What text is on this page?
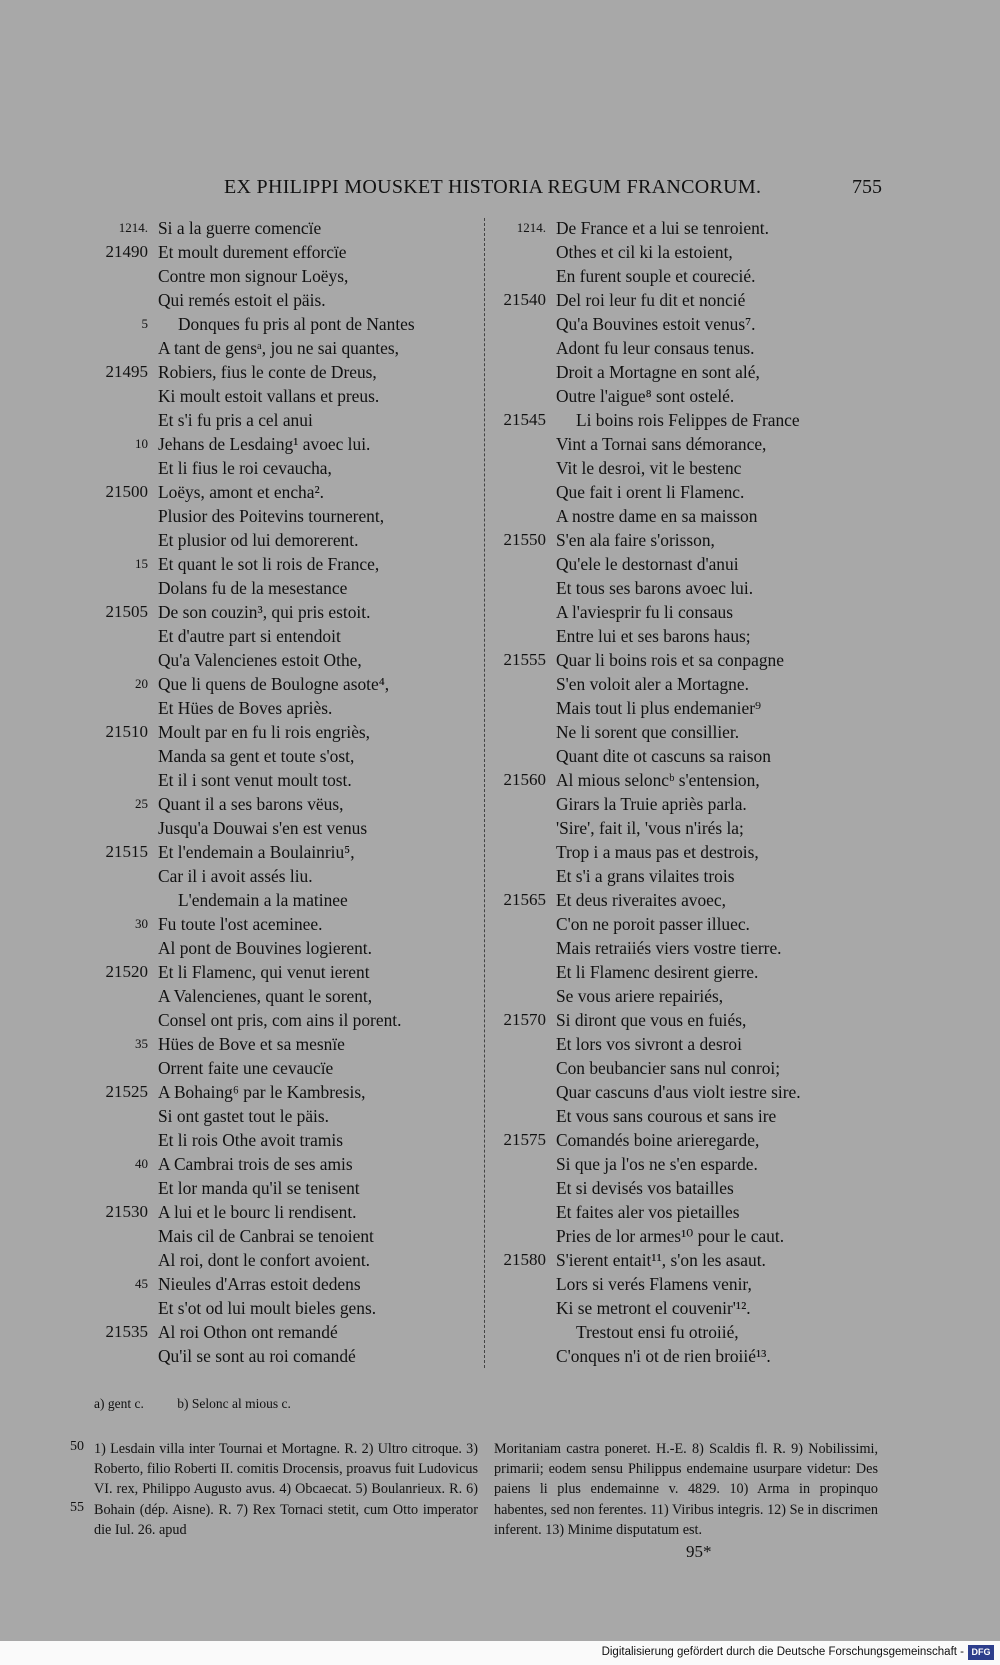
EX PHILIPPI MOUSKET HISTORIA REGUM FRANCORUM.	755
1214. Si a la guerre comencïe
21490 Et moult durement efforcïe
Contre mon signour Loëys,
Qui remés estoit el päis.
5	Donques fu pris al pont de Nantes
A tant de gensᵃ, jou ne sai quantes,
21495 Robiers, fius le conte de Dreus,
Ki moult estoit vallans et preus.
Et s'i fu pris a cel anui
10 Jehans de Lesdaing¹ avoec lui.
Et li fius le roi cevaucha,
21500 Loëys, amont et encha².
Plusior des Poitevins tournerent,
Et plusior od lui demorerent.
15 Et quant le sot li rois de France,
Dolans fu de la mesestance
21505 De son couzin³, qui pris estoit.
Et d'autre part si entendoit
Qu'a Valencienes estoit Othe,
20 Que li quens de Boulogne asote⁴,
Et Hües de Boves apriès.
21510 Moult par en fu li rois engriès,
Manda sa gent et toute s'ost,
Et il i sont venut moult tost.
25 Quant il a ses barons vëus,
Jusqu'a Douwai s'en est venus
21515 Et l'endemain a Boulainriu⁵,
Car il i avoit assés liu.
L'endemain a la matinee
30 Fu toute l'ost aceminee.
Al pont de Bouvines logierent.
21520 Et li Flamenc, qui venut ierent
A Valencienes, quant le sorent,
Consel ont pris, com ains il porent.
35 Hües de Bove et sa mesnïe
Orrent faite une cevaucïe
21525 A Bohaing⁶ par le Kambresis,
Si ont gastet tout le päis.
Et li rois Othe avoit tramis
40 A Cambrai trois de ses amis
Et lor manda qu'il se tenisent
21530 A lui et le bourc li rendisent.
Mais cil de Canbrai se tenoient
Al roi, dont le confort avoient.
45 Nieules d'Arras estoit dedens
Et s'ot od lui moult bieles gens.
21535 Al roi Othon ont remandé
Qu'il se sont au roi comandé
1214. De France et a lui se tenroient.
Othes et cil ki la estoient,
En furent souple et courecié.
21540 Del roi leur fu dit et noncié
Qu'a Bouvines estoit venus⁷.
Adont fu leur consaus tenus.
Droit a Mortagne en sont alé,
Outre l'aigue⁸ sont ostelé.
21545	Li boins rois Felippes de France
Vint a Tornai sans démorance,
Vit le desroi, vit le bestenc
Que fait i orent li Flamenc.
A nostre dame en sa maisson
21550 S'en ala faire s'orisson,
Qu'ele le destornast d'anui
Et tous ses barons avoec lui.
A l'aviesprir fu li consaus
Entre lui et ses barons haus;
21555 Quar li boins rois et sa conpagne
S'en voloit aler a Mortagne.
Mais tout li plus endemanier⁹
Ne li sorent que consillier.
Quant dite ot cascuns sa raison
21560 Al mious seloncᵇ s'entension,
Girars la Truie apriès parla.
'Sire', fait il, 'vous n'irés la;
Trop i a maus pas et destrois,
Et s'i a grans vilaites trois
21565 Et deus riveraites avoec,
C'on ne poroit passer illuec.
Mais retraiiés viers vostre tierre.
Et li Flamenc desirent gierre.
Se vous ariere repairiés,
21570 Si diront que vous en fuiés,
Et lors vos sivront a desroi
Con beubancier sans nul conroi;
Quar cascuns d'aus violt iestre sire.
Et vous sans courous et sans ire
21575 Comandés boine arieregarde,
Si que ja l'os ne s'en esparde.
Et si devisés vos batailles
Et faites aler vos pietailles
Pries de lor armes¹⁰ pour le caut.
21580 S'ierent entait¹¹, s'on les asaut.
Lors si verés Flamens venir,
Ki se metront el couvenir'¹².
Trestout ensi fu otroiié,
C'onques n'i ot de rien broiié¹³.
a) gent c. b) Selonc al mious c.
50
55
1) Lesdain villa inter Tournai et Mortagne. R. 2) Ultro citroque. 3) Roberto, filio Roberti II. comitis Drocensis, proavus fuit Ludovicus VI. rex, Philippo Augusto avus. 4) Obcaecat. 5) Boulanrieux. R. 6) Bohain (dép. Aisne). R. 7) Rex Tornaci stetit, cum Otto imperator die Iul. 26. apud
Moritaniam castra poneret. H.-E. 8) Scaldis fl. R. 9) Nobilissimi, primarii; eodem sensu Philippus endemaine usurpare videtur: Des paiens li plus endemainne v. 4829. 10) Arma in propinquo habentes, sed non ferentes. 11) Viribus integris. 12) Se in discrimen inferent. 13) Minime disputatum est.
95*
Digitalisierung gefördert durch die Deutsche Forschungsgemeinschaft - DFG
